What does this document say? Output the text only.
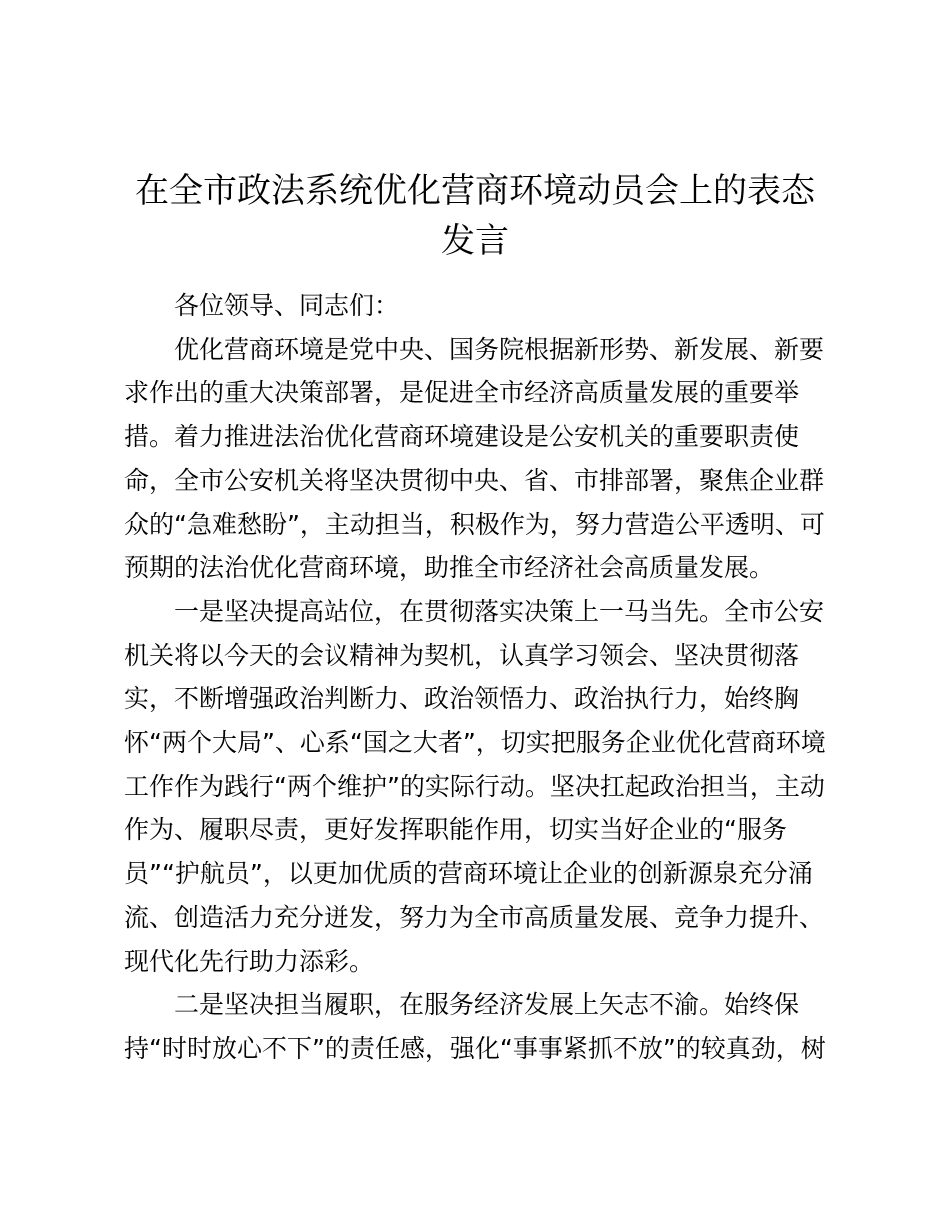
在全市政法系统优化营商环境动员会上的表态
发言

各位领导、同志们：

优化营商环境是党中央、国务院根据新形势、新发展、新要
求作出的重大决策部署，是促进全市经济高质量发展的重要举
措。着力推进法治优化营商环境建设是公安机关的重要职责使
命，全市公安机关将坚决贯彻中央、省、市排部署，聚焦企业群
众的“急难愁盼”，主动担当，积极作为，努力营造公平透明、可
预期的法治优化营商环境，助推全市经济社会高质量发展。

一是坚决提高站位，在贯彻落实决策上一马当先。全市公安
机关将以今天的会议精神为契机，认真学习领会、坚决贯彻落
实，不断增强政治判断力、政治领悟力、政治执行力，始终胸
怀“两个大局”、心系“国之大者”，切实把服务企业优化营商环境
工作作为践行“两个维护”的实际行动。坚决扛起政治担当，主动
作为、履职尽责，更好发挥职能作用，切实当好企业的“服务
员”“护航员”，以更加优质的营商环境让企业的创新源泉充分涌
流、创造活力充分迸发，努力为全市高质量发展、竞争力提升、
现代化先行助力添彩。

二是坚决担当履职，在服务经济发展上矢志不渝。始终保
持“时时放心不下”的责任感，强化“事事紧抓不放”的较真劲，树
